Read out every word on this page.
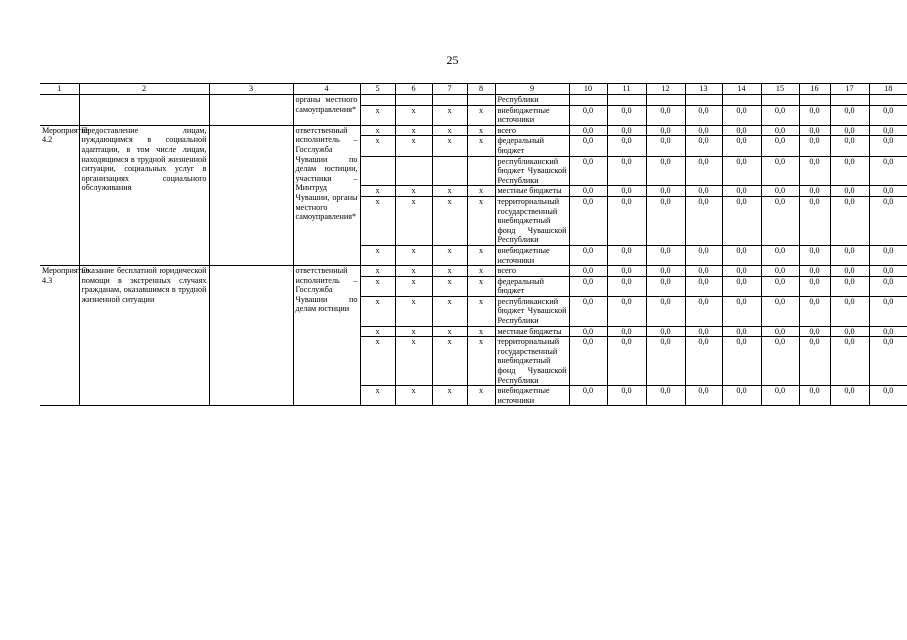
25
1	2	3	4	5	6	7	8	9	10	11	12	13	14	15	16	17	18
			органы местного самоуправления*					Республики									
				x	x	x	x	внебюджетные источники	0,0	0,0	0,0	0,0	0,0	0,0	0,0	0,0	0,0
Мероприятие 4.2	Предоставление лицам, нуждающимся в социальной адаптации, в том числе лицам, находящимся в трудной жизненной ситуации, социальных услуг в организациях социального обслуживания		ответственный исполнитель – Госслужба Чувашии по делам юстиции, участники – Минтруд Чувашии, органы местного самоуправления*	x	x	x	x	всего	0,0	0,0	0,0	0,0	0,0	0,0	0,0	0,0	0,0
				x	x	x	x	федеральный бюджет	0,0	0,0	0,0	0,0	0,0	0,0	0,0	0,0	0,0
								республиканский бюджет Чувашской Республики	0,0	0,0	0,0	0,0	0,0	0,0	0,0	0,0	0,0
				x	x	x	x	местные бюджеты	0,0	0,0	0,0	0,0	0,0	0,0	0,0	0,0	0,0
				x	x	x	x	территориальный государственный внебюджетный фонд Чувашской Республики	0,0	0,0	0,0	0,0	0,0	0,0	0,0	0,0	0,0
				x	x	x	x	внебюджетные источники	0,0	0,0	0,0	0,0	0,0	0,0	0,0	0,0	0,0
Мероприятие 4.3	Оказание бесплатной юридической помощи в экстренных случаях гражданам, оказавшимся в трудной жизненной ситуации		ответственный исполнитель – Госслужба Чувашии по делам юстиции	x	x	x	x	всего	0,0	0,0	0,0	0,0	0,0	0,0	0,0	0,0	0,0
				x	x	x	x	федеральный бюджет	0,0	0,0	0,0	0,0	0,0	0,0	0,0	0,0	0,0
				x	x	x	x	республиканский бюджет Чувашской Республики	0,0	0,0	0,0	0,0	0,0	0,0	0,0	0,0	0,0
				x	x	x	x	местные бюджеты	0,0	0,0	0,0	0,0	0,0	0,0	0,0	0,0	0,0
				x	x	x	x	территориальный государственный внебюджетный фонд Чувашской Республики	0,0	0,0	0,0	0,0	0,0	0,0	0,0	0,0	0,0
				x	x	x	x	внебюджетные источники	0,0	0,0	0,0	0,0	0,0	0,0	0,0	0,0	0,0
